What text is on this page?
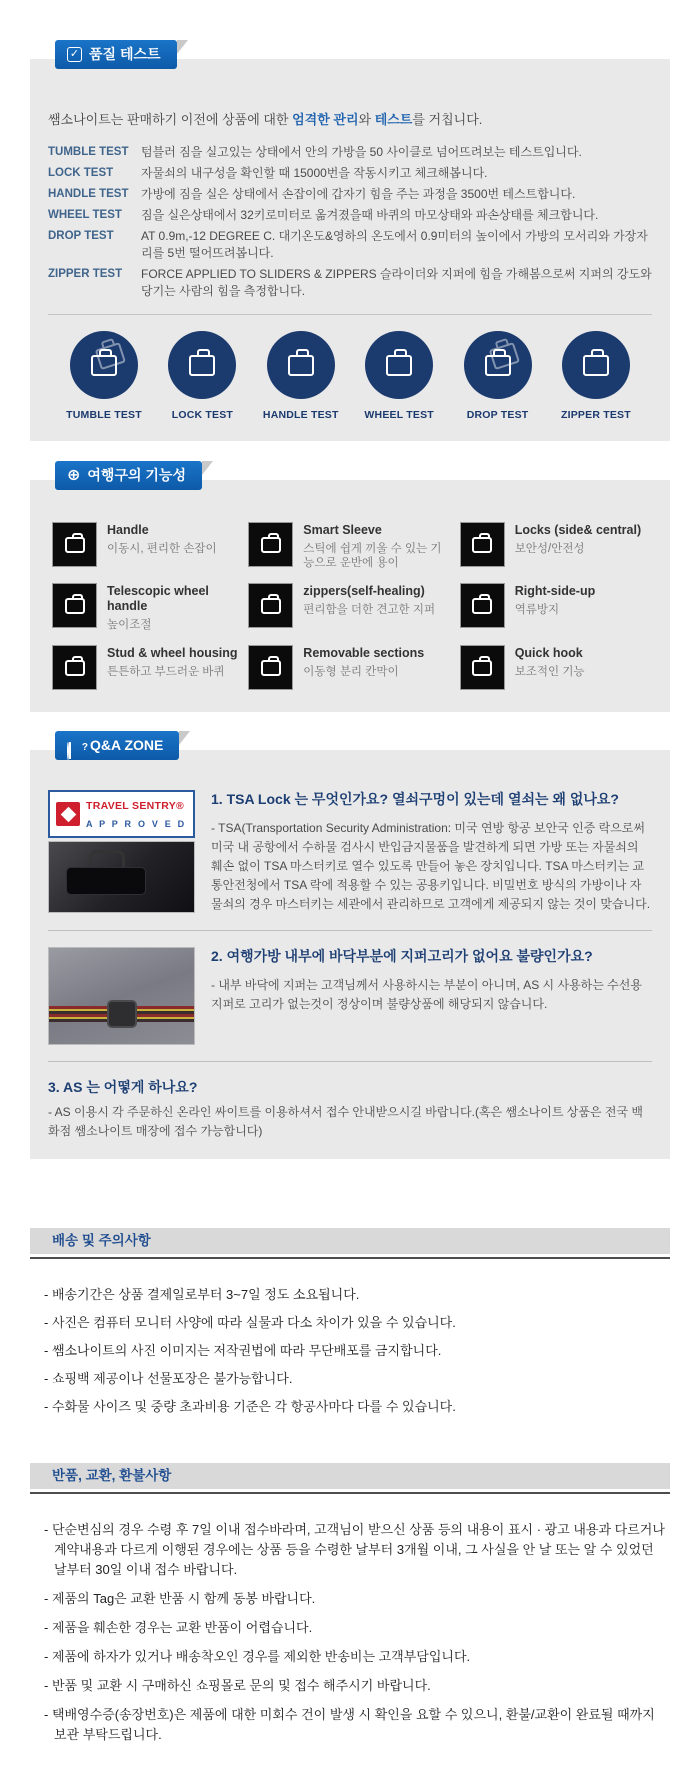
✓ 품질 테스트

쌤소나이트는 판매하기 이전에 상품에 대한 엄격한 관리와 테스트를 거칩니다.

TUMBLE TEST	텀블러 짐을 실고있는 상태에서 안의 가방을 50 사이클로 넘어뜨려보는 테스트입니다.
LOCK TEST	자물쇠의 내구성을 확인할 때 15000번을 작동시키고 체크해봅니다.
HANDLE TEST	가방에 짐을 실은 상태에서 손잡이에 갑자기 힘을 주는 과정을 3500번 테스트합니다.
WHEEL TEST	짐을 실은상태에서 32키로미터로 옮겨졌을때 바퀴의 마모상태와 파손상태를 체크합니다.
DROP TEST	AT 0.9m,-12 DEGREE C. 대기온도&영하의 온도에서 0.9미터의 높이에서 가방의 모서리와 가장자리를 5번 떨어뜨려봅니다.
ZIPPER TEST	FORCE APPLIED TO SLIDERS & ZIPPERS 슬라이더와 지퍼에 힘을 가해봄으로써 지퍼의 강도와 당기는 사람의 힘을 측정합니다.
TUMBLE TEST	LOCK TEST	HANDLE TEST	WHEEL TEST	DROP TEST	ZIPPER TEST
⊕ 여행구의 기능성
Handle
이동시, 편리한 손잡이
Smart Sleeve
스틱에 쉽게 끼울 수 있는 기능으로 운반에 용이
Locks (side& central)
보안성/안전성
Telescopic wheel handle
높이조절
zippers(self-healing)
편리함을 더한 견고한 지퍼
Right-side-up
역류방지
Stud & wheel housing
튼튼하고 부드러운 바퀴
Removable sections
이동형 분리 칸막이
Quick hook
보조적인 기능
? Q&A ZONE
TRAVEL SENTRY®
A P P R O V E D
1. TSA Lock 는 무엇인가요? 열쇠구멍이 있는데 열쇠는 왜 없나요?
- TSA(Transportation Security Administration: 미국 연방 항공 보안국 인증 락으로써 미국 내 공항에서 수하물 검사시 반입금지물품을 발견하게 되면 가방 또는 자물쇠의 훼손 없이 TSA 마스터키로 열수 있도록 만들어 놓은 장치입니다. TSA 마스터키는 교통안전청에서 TSA 락에 적용할 수 있는 공용키입니다. 비밀번호 방식의 가방이나 자물쇠의 경우 마스터키는 세관에서 관리하므로 고객에게 제공되지 않는 것이 맞습니다.
2. 여행가방 내부에 바닥부분에 지퍼고리가 없어요 불량인가요?
- 내부 바닥에 지퍼는 고객님께서 사용하시는 부분이 아니며, AS 시 사용하는 수선용 지퍼로 고리가 없는것이 정상이며 불량상품에 해당되지 않습니다.
3. AS 는 어떻게 하나요?
- AS 이용시 각 주문하신 온라인 싸이트를 이용하셔서 접수 안내받으시길 바랍니다.(혹은 쌤소나이트 상품은 전국 백화점 쌤소나이트 매장에 접수 가능합니다)
배송 및 주의사항
- 배송기간은 상품 결제일로부터 3~7일 정도 소요됩니다.
- 사진은 컴퓨터 모니터 사양에 따라 실물과 다소 차이가 있을 수 있습니다.
- 쌤소나이트의 사진 이미지는 저작권법에 따라 무단배포를 금지합니다.
- 쇼핑백 제공이나 선물포장은 불가능합니다.
- 수화물 사이즈 및 중량 초과비용 기준은 각 항공사마다 다를 수 있습니다.
반품, 교환, 환불사항
- 단순변심의 경우 수령 후 7일 이내 접수바라며, 고객님이 받으신 상품 등의 내용이 표시 · 광고 내용과 다르거나 계약내용과 다르게 이행된 경우에는 상품 등을 수령한 날부터 3개월 이내, 그 사실을 안 날 또는 알 수 있었던 날부터 30일 이내 접수 바랍니다.
- 제품의 Tag은 교환 반품 시 함께 동봉 바랍니다.
- 제품을 훼손한 경우는 교환 반품이 어렵습니다.
- 제품에 하자가 있거나 배송착오인 경우를 제외한 반송비는 고객부담입니다.
- 반품 및 교환 시 구매하신 쇼핑몰로 문의 및 접수 해주시기 바랍니다.
- 택배영수증(송장번호)은 제품에 대한 미회수 건이 발생 시 확인을 요할 수 있으니, 환불/교환이 완료될 때까지 보관 부탁드립니다.
